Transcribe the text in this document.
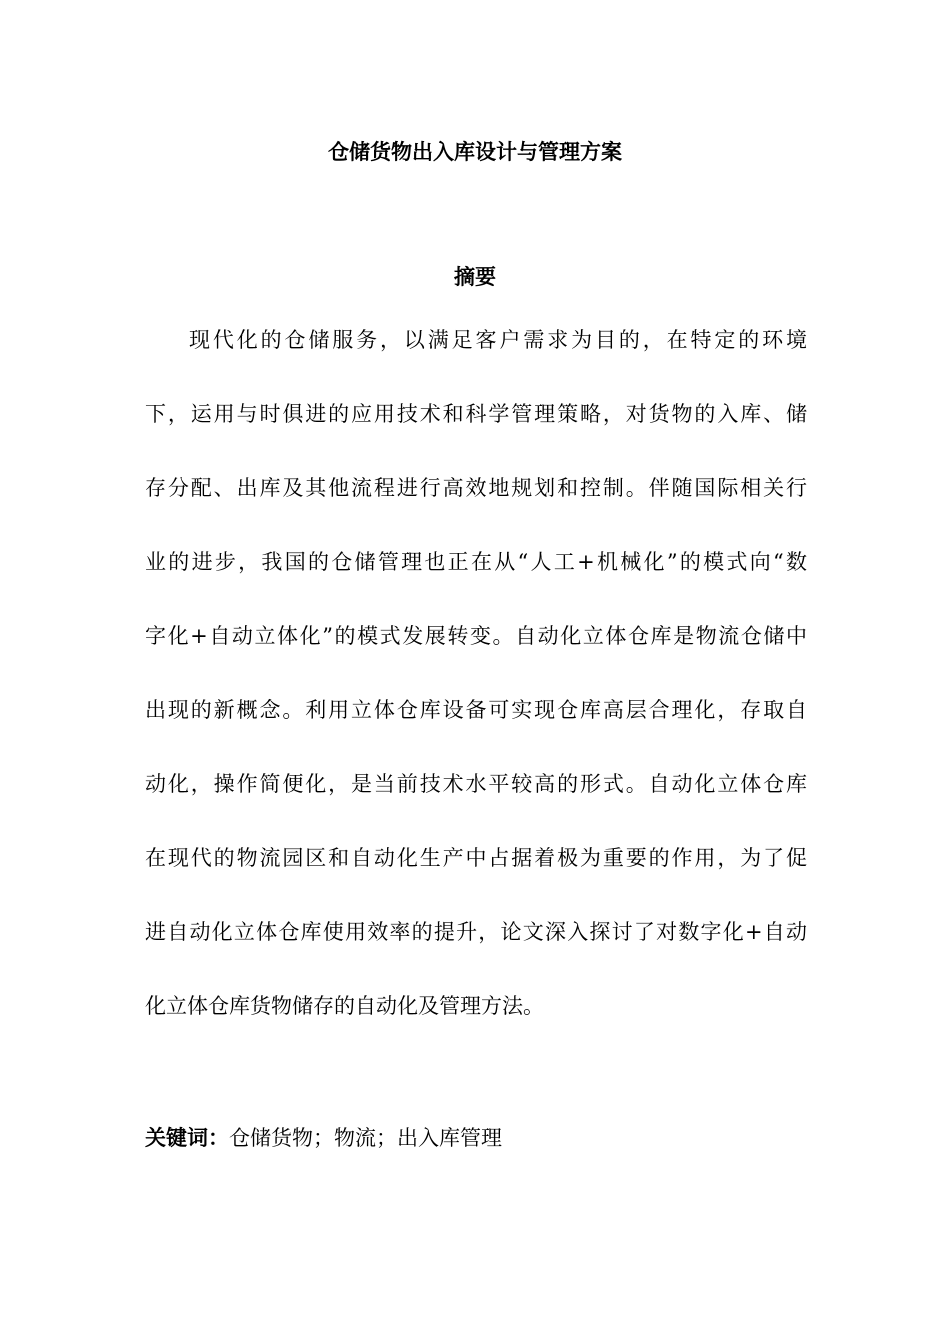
仓储货物出入库设计与管理方案
摘要
现代化的仓储服务，以满足客户需求为目的，在特定的环境
下，运用与时俱进的应用技术和科学管理策略，对货物的入库、储
存分配、出库及其他流程进行高效地规划和控制。伴随国际相关行
业的进步，我国的仓储管理也正在从“人工+机械化”的模式向“数
字化+自动立体化”的模式发展转变。自动化立体仓库是物流仓储中
出现的新概念。利用立体仓库设备可实现仓库高层合理化，存取自
动化，操作简便化，是当前技术水平较高的形式。自动化立体仓库
在现代的物流园区和自动化生产中占据着极为重要的作用，为了促
进自动化立体仓库使用效率的提升，论文深入探讨了对数字化+自动
化立体仓库货物储存的自动化及管理方法。
关键词：仓储货物；物流；出入库管理
